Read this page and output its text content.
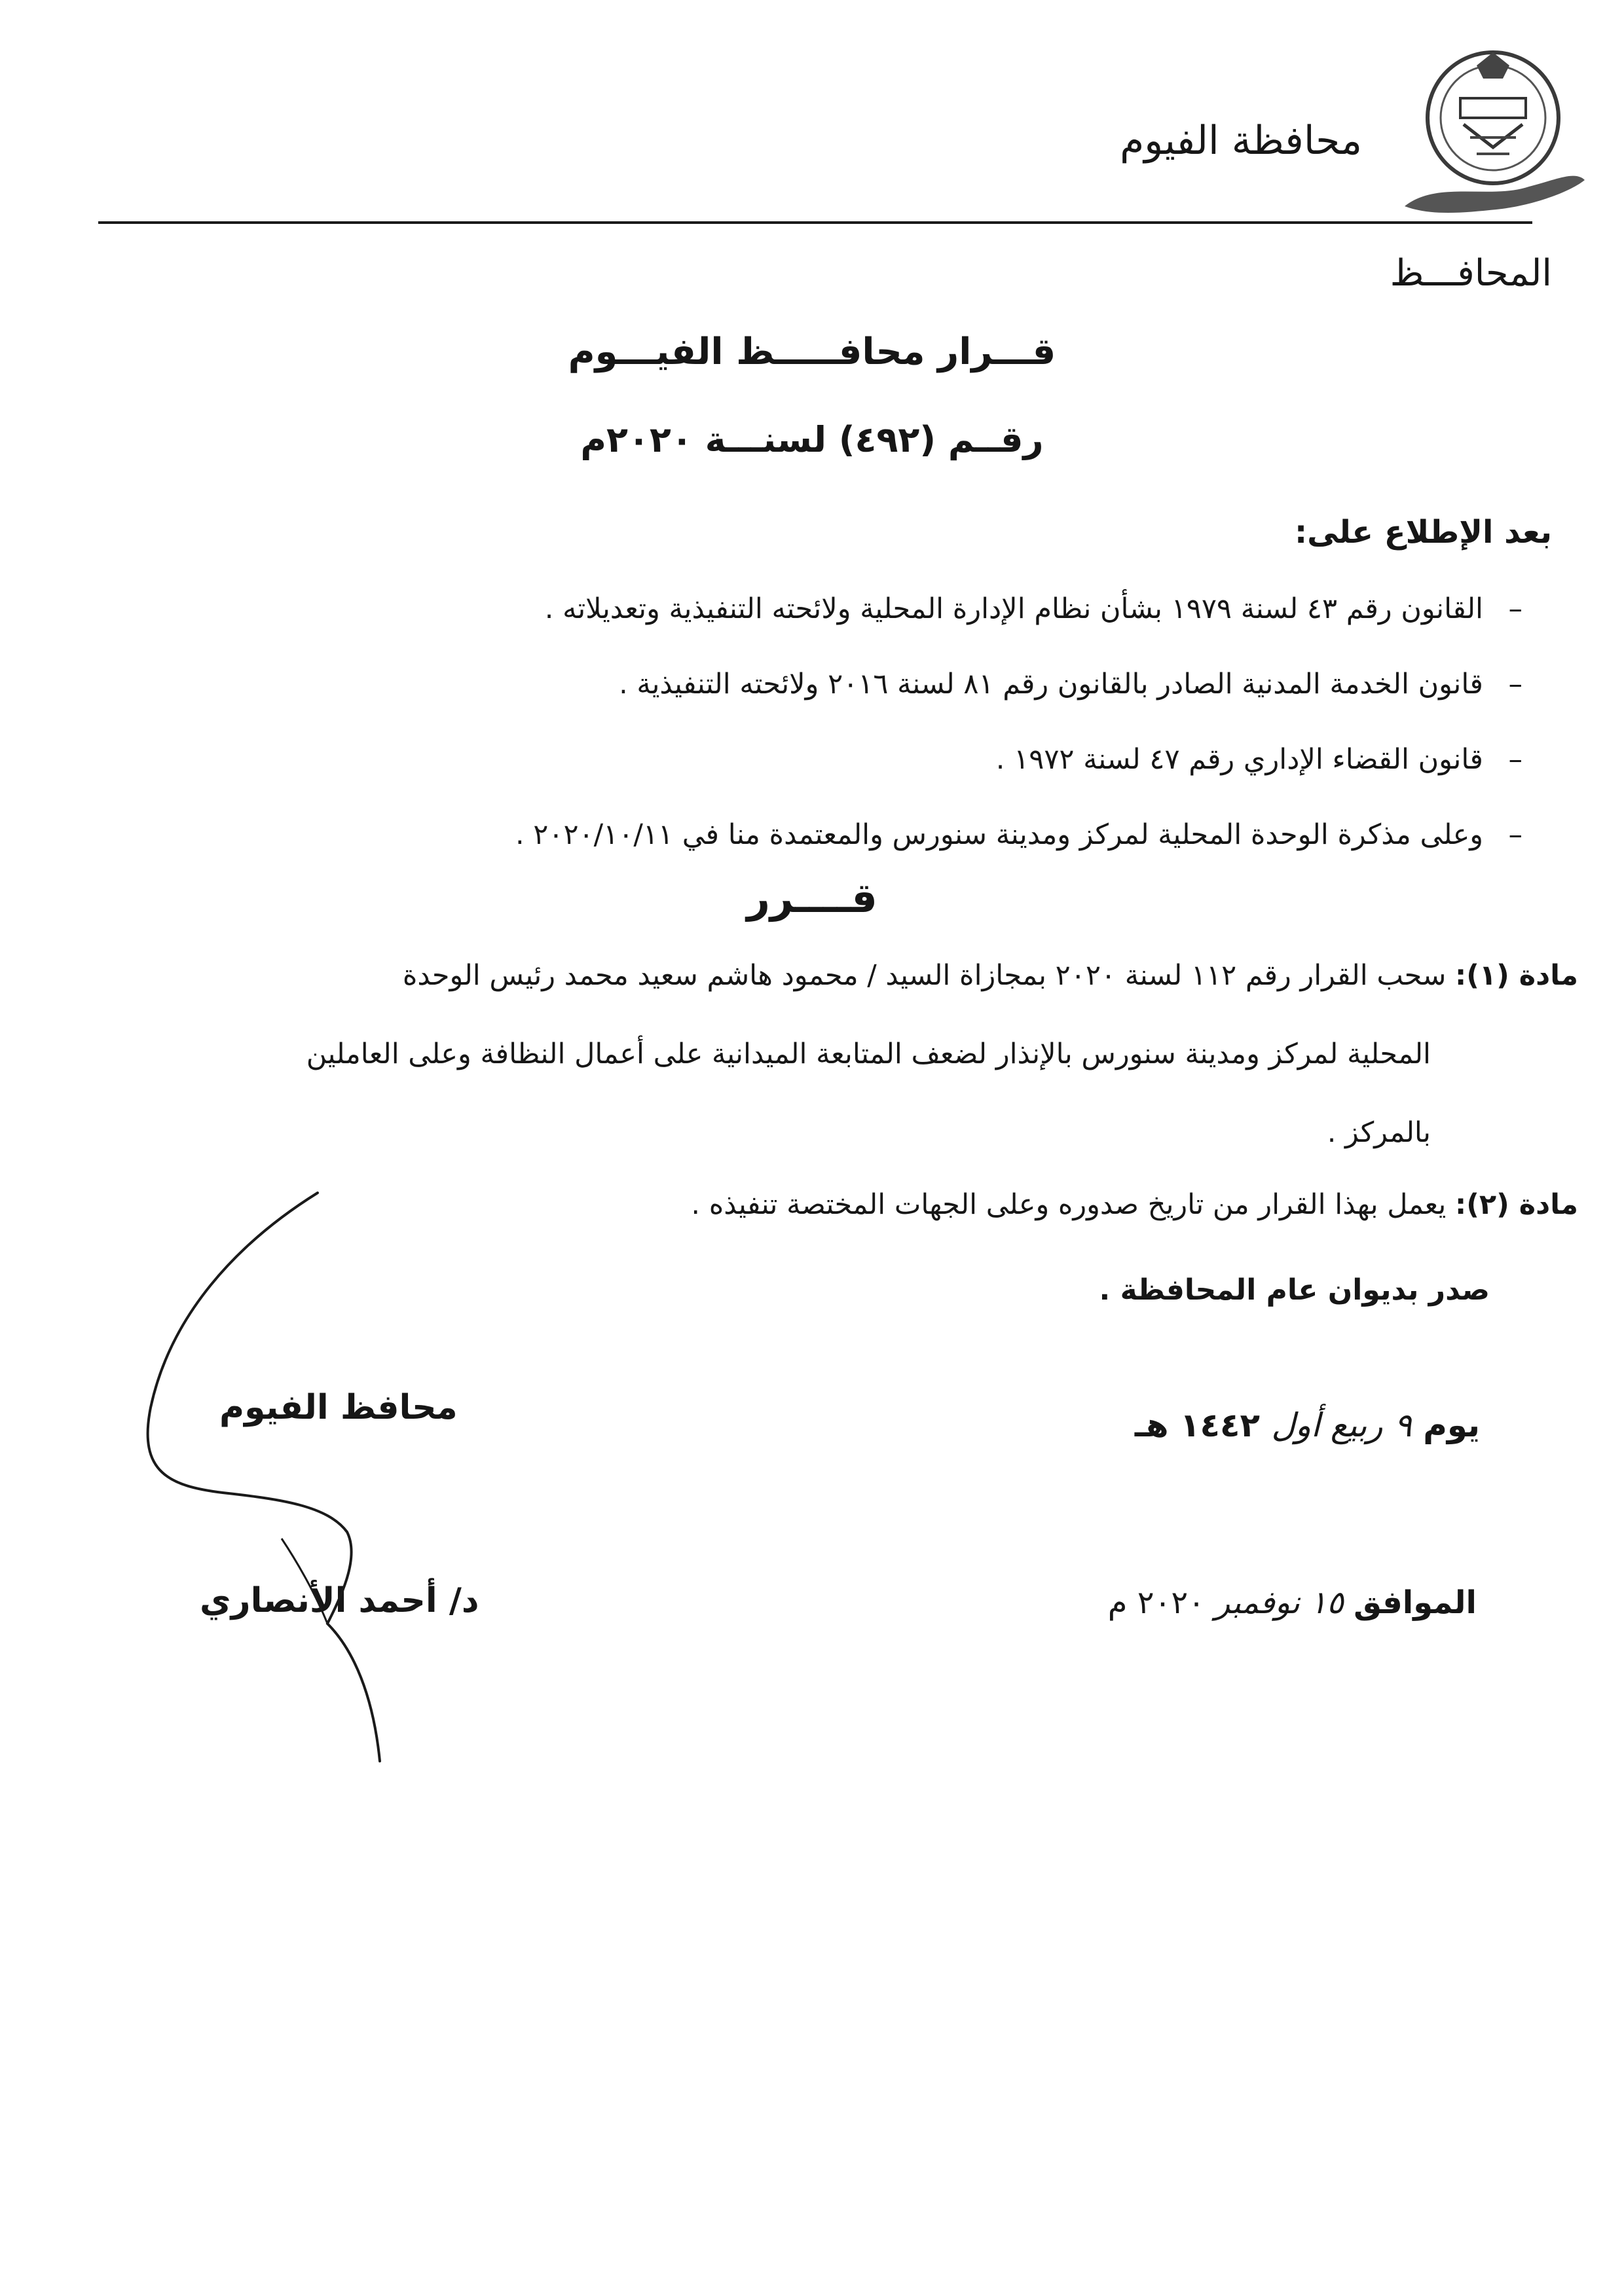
محافظة الفيوم
المحافـــظ
قـــرار محافـــــظ الفيـــوم
رقــم (٤٩٢) لسنـــة ٢٠٢٠م
بعد الإطلاع على:
–القانون رقم ٤٣ لسنة ١٩٧٩ بشأن نظام الإدارة المحلية ولائحته التنفيذية وتعديلاته .
–قانون الخدمة المدنية الصادر بالقانون رقم ٨١ لسنة ٢٠١٦ ولائحته التنفيذية .
–قانون القضاء الإداري رقم ٤٧ لسنة ١٩٧٢ .
–وعلى مذكرة الوحدة المحلية لمركز ومدينة سنورس والمعتمدة منا في ٢٠٢٠/١٠/١١ .
قــــرر
مادة (١): سحب القرار رقم ١١٢ لسنة ٢٠٢٠ بمجازاة السيد / محمود هاشم سعيد محمد رئيس الوحدة
المحلية لمركز ومدينة سنورس بالإنذار لضعف المتابعة الميدانية على أعمال النظافة وعلى العاملين
بالمركز .
مادة (٢): يعمل بهذا القرار من تاريخ صدوره وعلى الجهات المختصة تنفيذه .
صدر بديوان عام المحافظة .
محافظ الفيوم
د/ أحمد الأنصاري
يوم ٩ ربيع أول ١٤٤٢ هـ
الموافق ١٥ نوفمبر ٢٠٢٠ م
